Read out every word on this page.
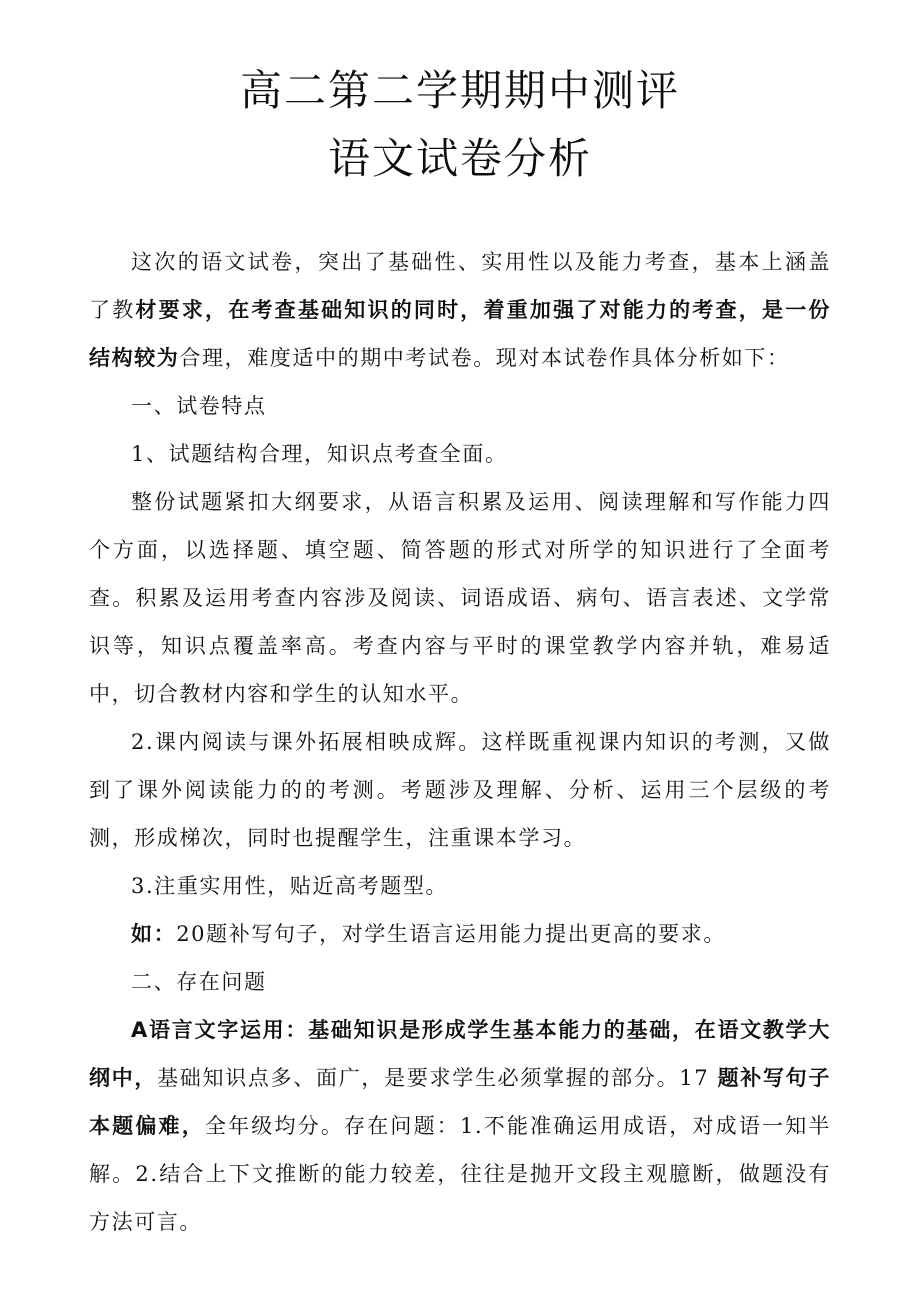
高二第二学期期中测评
语文试卷分析

这次的语文试卷，突出了基础性、实用性以及能力考查，基本上涵盖了教材要求，在考查基础知识的同时，着重加强了对能力的考查，是一份结构较为合理，难度适中的期中考试卷。现对本试卷作具体分析如下：

一、试卷特点

1、试题结构合理，知识点考查全面。

整份试题紧扣大纲要求，从语言积累及运用、阅读理解和写作能力四个方面，以选择题、填空题、简答题的形式对所学的知识进行了全面考查。积累及运用考查内容涉及阅读、词语成语、病句、语言表述、文学常识等，知识点覆盖率高。考查内容与平时的课堂教学内容并轨，难易适中，切合教材内容和学生的认知水平。

2.课内阅读与课外拓展相映成辉。这样既重视课内知识的考测，又做到了课外阅读能力的的考测。考题涉及理解、分析、运用三个层级的考测，形成梯次，同时也提醒学生，注重课本学习。

3.注重实用性，贴近高考题型。

如：20题补写句子，对学生语言运用能力提出更高的要求。

二、存在问题

A语言文字运用：基础知识是形成学生基本能力的基础，在语文教学大纲中，基础知识点多、面广，是要求学生必须掌握的部分。17 题补写句子本题偏难，全年级均分。存在问题：1.不能准确运用成语，对成语一知半解。2.结合上下文推断的能力较差，往往是抛开文段主观臆断，做题没有方法可言。
